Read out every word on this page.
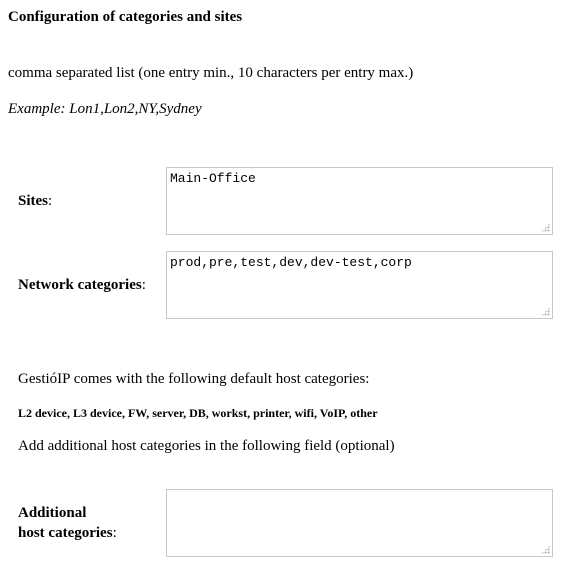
Configuration of categories and sites
comma separated list (one entry min., 10 characters per entry max.)
Example: Lon1,Lon2,NY,Sydney
Sites:
Main-Office
Network categories:
prod,pre,test,dev,dev-test,corp
GestióIP comes with the following default host categories:
L2 device, L3 device, FW, server, DB, workst, printer, wifi, VoIP, other
Add additional host categories in the following field (optional)
Additional
host categories:
